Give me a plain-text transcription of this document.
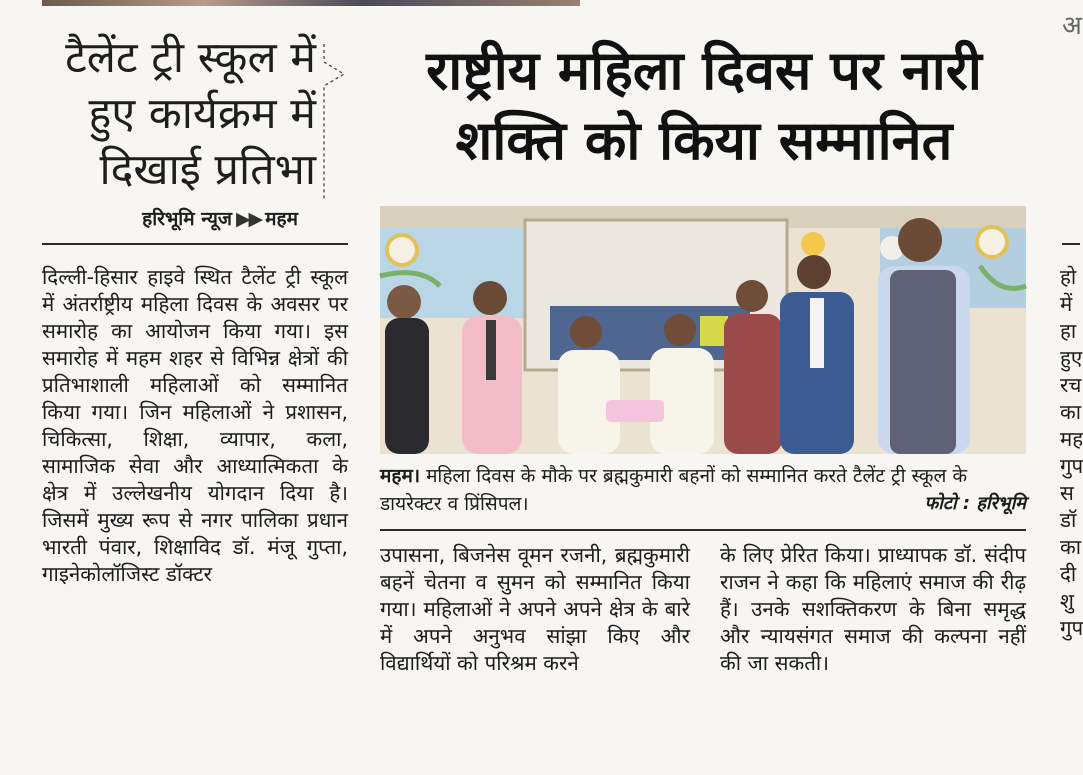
अ
टैलेंट ट्री स्कूल में
हुए कार्यक्रम में
दिखाई प्रतिभा
हरिभूमि न्यूज ▶▶ महम
दिल्ली-हिसार हाइवे स्थित टैलेंट ट्री स्कूल में अंतर्राष्ट्रीय महिला दिवस के अवसर पर समारोह का आयोजन किया गया। इस समारोह में महम शहर से विभिन्न क्षेत्रों की प्रतिभाशाली महिलाओं को सम्मानित किया गया। जिन महिलाओं ने प्रशासन, चिकित्सा, शिक्षा, व्यापार, कला, सामाजिक सेवा और आध्यात्मिकता के क्षेत्र में उल्लेखनीय योगदान दिया है। जिसमें मुख्य रूप से नगर पालिका प्रधान भारती पंवार, शिक्षाविद डॉ. मंजू गुप्ता, गाइनेकोलॉजिस्ट डॉक्टर
राष्ट्रीय महिला दिवस पर नारी
शक्ति को किया सम्मानित
महम। महिला दिवस के मौके पर ब्रह्मकुमारी बहनों को सम्मानित करते टैलेंट ट्री स्कूल के डायरेक्टर व प्रिंसिपल।	फोटो : हरिभूमि
उपासना, बिजनेस वूमन रजनी, ब्रह्मकुमारी बहनें चेतना व सुमन को सम्मानित किया गया। महिलाओं ने अपने अपने क्षेत्र के बारे में अपने अनुभव सांझा किए और विद्यार्थियों को परिश्रम करने
के लिए प्रेरित किया। प्राध्यापक डॉ. संदीप राजन ने कहा कि महिलाएं समाज की रीढ़ हैं। उनके सशक्तिकरण के बिना समृद्ध और न्यायसंगत समाज की कल्पना नहीं की जा सकती।
हो
में
हा
हुए
रच
का
मह
गुप
स
डॉ
का
दी
शु
गुप
